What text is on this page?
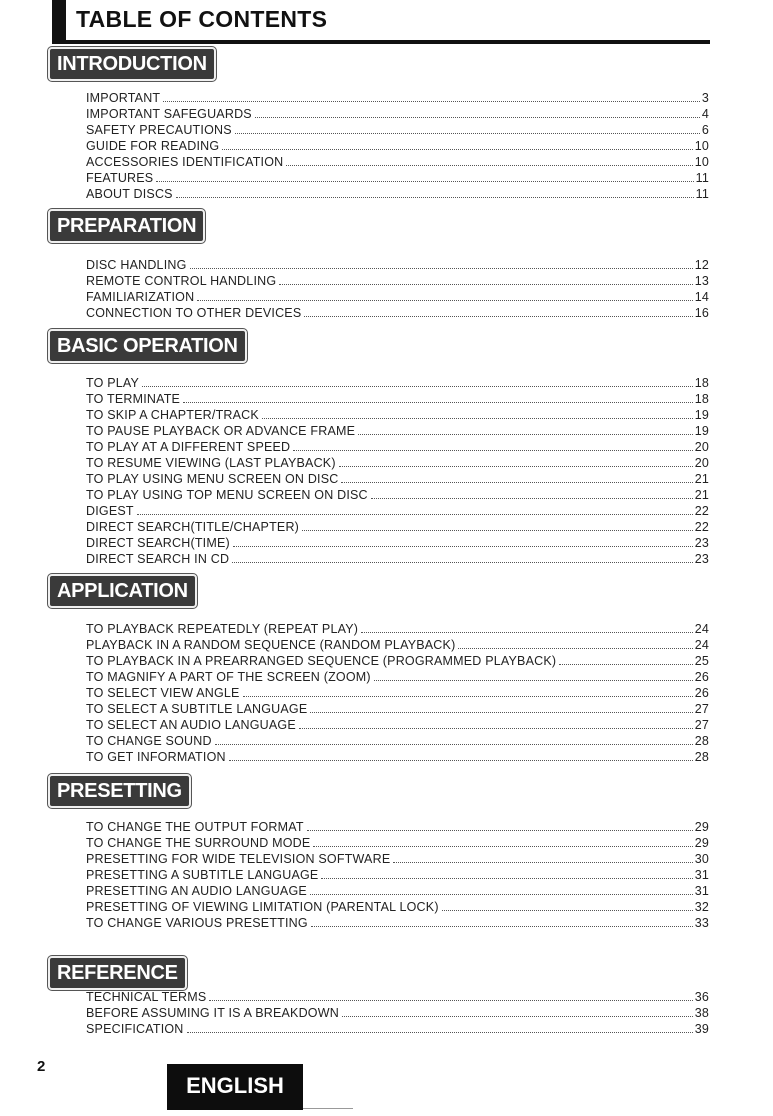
TABLE OF CONTENTS
INTRODUCTION
IMPORTANT	3
IMPORTANT SAFEGUARDS	4
SAFETY PRECAUTIONS	6
GUIDE FOR READING	10
ACCESSORIES IDENTIFICATION	10
FEATURES	11
ABOUT DISCS	11
PREPARATION
DISC HANDLING	12
REMOTE CONTROL HANDLING	13
FAMILIARIZATION	14
CONNECTION TO OTHER DEVICES	16
BASIC OPERATION
TO PLAY	18
TO TERMINATE	18
TO SKIP A CHAPTER/TRACK	19
TO PAUSE PLAYBACK OR ADVANCE FRAME	19
TO PLAY AT A DIFFERENT SPEED	20
TO RESUME VIEWING (LAST PLAYBACK)	20
TO PLAY USING MENU SCREEN ON DISC	21
TO PLAY USING TOP MENU SCREEN ON DISC	21
DIGEST	22
DIRECT SEARCH(TITLE/CHAPTER)	22
DIRECT SEARCH(TIME)	23
DIRECT SEARCH IN CD	23
APPLICATION
TO PLAYBACK REPEATEDLY (REPEAT PLAY)	24
PLAYBACK IN A RANDOM SEQUENCE (RANDOM PLAYBACK)	24
TO PLAYBACK IN A PREARRANGED SEQUENCE (PROGRAMMED PLAYBACK)	25
TO MAGNIFY A PART OF THE SCREEN (ZOOM)	26
TO SELECT VIEW ANGLE	26
TO SELECT A SUBTITLE LANGUAGE	27
TO SELECT AN AUDIO LANGUAGE	27
TO CHANGE SOUND	28
TO GET INFORMATION	28
PRESETTING
TO CHANGE THE OUTPUT FORMAT	29
TO CHANGE THE SURROUND MODE	29
PRESETTING FOR WIDE TELEVISION SOFTWARE	30
PRESETTING A SUBTITLE LANGUAGE	31
PRESETTING AN AUDIO LANGUAGE	31
PRESETTING OF VIEWING LIMITATION (PARENTAL LOCK)	32
TO CHANGE VARIOUS PRESETTING	33
REFERENCE
TECHNICAL TERMS	36
BEFORE ASSUMING IT IS A BREAKDOWN	38
SPECIFICATION	39
2
ENGLISH
